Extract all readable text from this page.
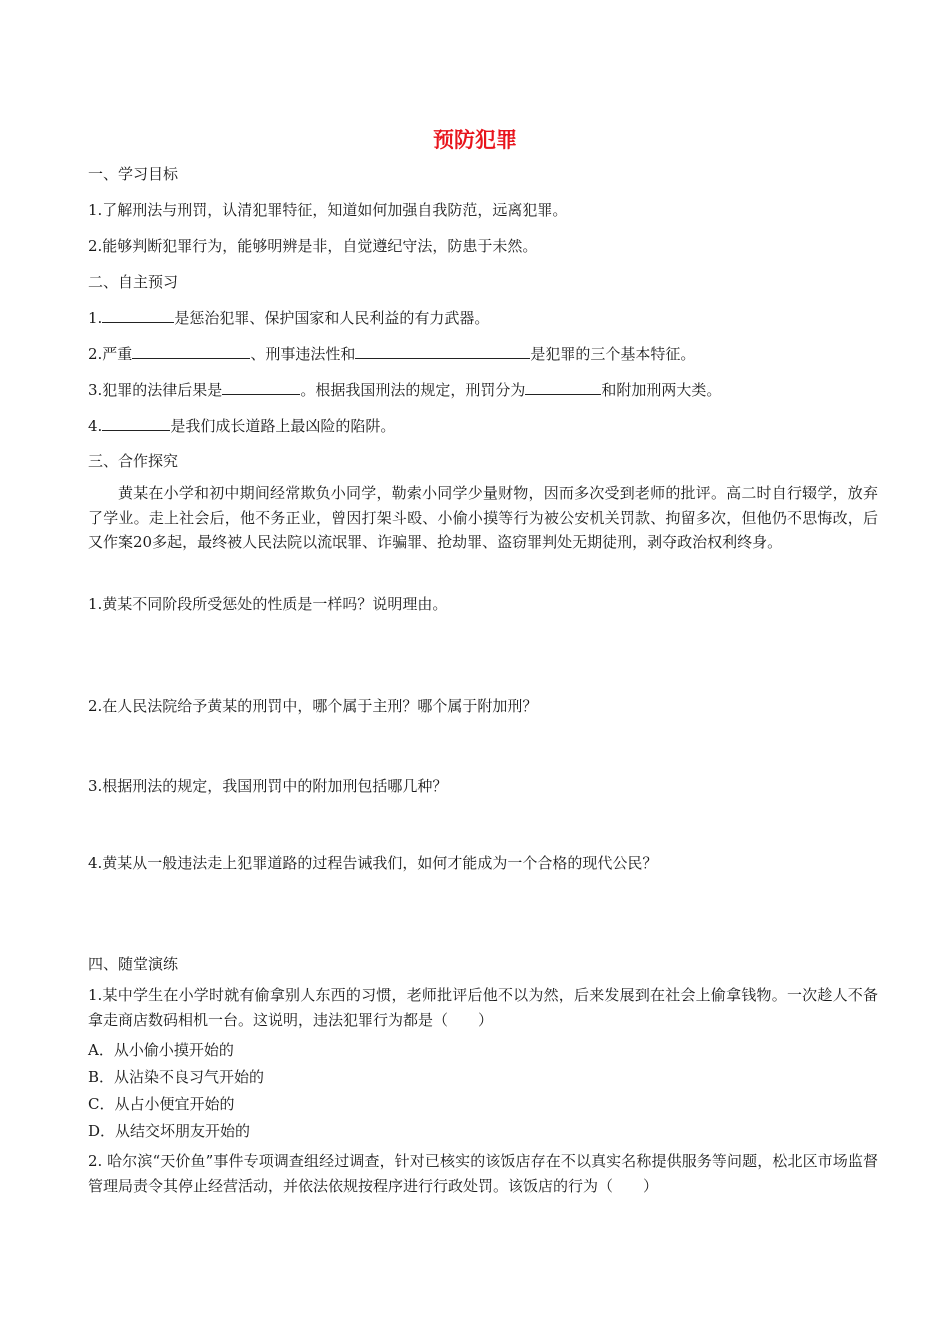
预防犯罪
一、学习目标
1.了解刑法与刑罚，认清犯罪特征，知道如何加强自我防范，远离犯罪。
2.能够判断犯罪行为，能够明辨是非，自觉遵纪守法，防患于未然。
二、自主预习
1.	是惩治犯罪、保护国家和人民利益的有力武器。
2.严重	、刑事违法性和	是犯罪的三个基本特征。
3.犯罪的法律后果是	。根据我国刑法的规定，刑罚分为	和附加刑两大类。
4.	是我们成长道路上最凶险的陷阱。
三、合作探究
黄某在小学和初中期间经常欺负小同学，勒索小同学少量财物，因而多次受到老师的批评。高二时自行辍学，放弃了学业。走上社会后，他不务正业，曾因打架斗殴、小偷小摸等行为被公安机关罚款、拘留多次，但他仍不思悔改，后又作案20多起，最终被人民法院以流氓罪、诈骗罪、抢劫罪、盗窃罪判处无期徒刑，剥夺政治权利终身。
1.黄某不同阶段所受惩处的性质是一样吗？说明理由。
2.在人民法院给予黄某的刑罚中，哪个属于主刑？哪个属于附加刑？
3.根据刑法的规定，我国刑罚中的附加刑包括哪几种？
4.黄某从一般违法走上犯罪道路的过程告诫我们，如何才能成为一个合格的现代公民？
四、随堂演练
1.某中学生在小学时就有偷拿别人东西的习惯，老师批评后他不以为然，后来发展到在社会上偷拿钱物。一次趁人不备拿走商店数码相机一台。这说明，违法犯罪行为都是（　　）
A．从小偷小摸开始的
B．从沾染不良习气开始的
C．从占小便宜开始的
D．从结交坏朋友开始的
2. 哈尔滨“天价鱼”事件专项调查组经过调查，针对已核实的该饭店存在不以真实名称提供服务等问题，松北区市场监督管理局责令其停止经营活动，并依法依规按程序进行行政处罚。该饭店的行为（　　）
